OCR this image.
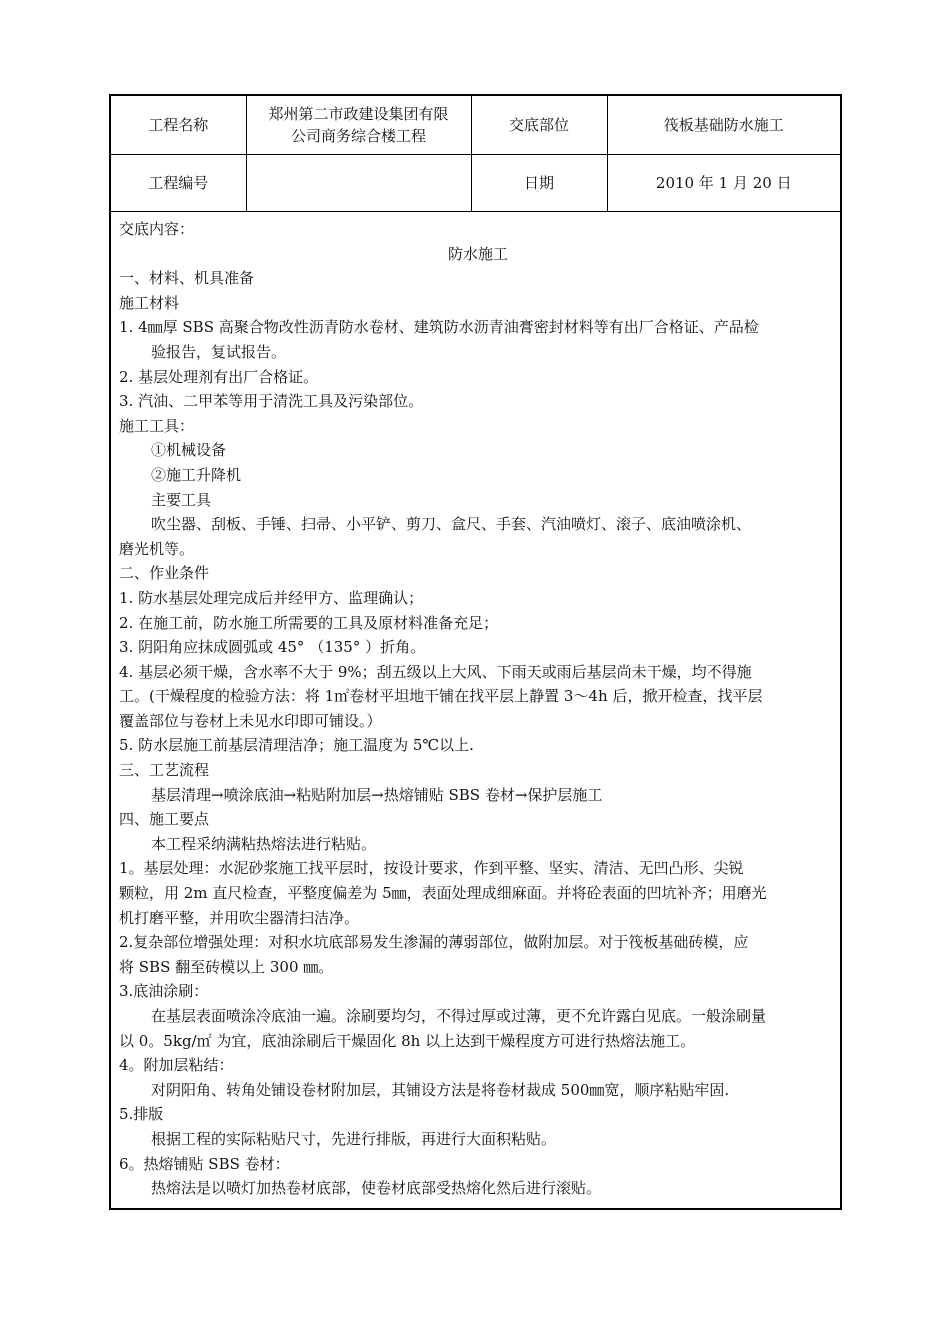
工程名称	郑州第二市政建设集团有限
公司商务综合楼工程	交底部位	筏板基础防水施工
工程编号		日期	2010 年 1 月 20 日

交底内容：

防水施工

一、材料、机具准备

施工材料

1. 4㎜厚 SBS 高聚合物改性沥青防水卷材、建筑防水沥青油膏密封材料等有出厂合格证、产品检

验报告，复试报告。

2. 基层处理剂有出厂合格证。

3. 汽油、二甲苯等用于清洗工具及污染部位。

施工工具：

①机械设备

②施工升降机

主要工具

吹尘器、刮板、手锤、扫帚、小平铲、剪刀、盒尺、手套、汽油喷灯、滚子、底油喷涂机、

磨光机等。

二、作业条件

1. 防水基层处理完成后并经甲方、监理确认；

2. 在施工前，防水施工所需要的工具及原材料准备充足；

3. 阴阳角应抹成圆弧或 45° （135° ）折角。

4. 基层必须干燥，含水率不大于 9%；刮五级以上大风、下雨天或雨后基层尚未干燥，均不得施

工。(干燥程度的检验方法：将 1㎡卷材平坦地干铺在找平层上静置 3～4h 后，掀开检查，找平层

覆盖部位与卷材上未见水印即可铺设。）

5. 防水层施工前基层清理洁净；施工温度为 5℃以上.

三、工艺流程

基层清理→喷涂底油→粘贴附加层→热熔铺贴 SBS 卷材→保护层施工

四、施工要点

本工程采纳满粘热熔法进行粘贴。

1。基层处理：水泥砂浆施工找平层时，按设计要求，作到平整、坚实、清洁、无凹凸形、尖锐

颗粒，用 2m 直尺检查，平整度偏差为 5㎜，表面处理成细麻面。并将砼表面的凹坑补齐；用磨光

机打磨平整，并用吹尘器清扫洁净。

2.复杂部位增强处理：对积水坑底部易发生渗漏的薄弱部位，做附加层。对于筏板基础砖模，应

将 SBS 翻至砖模以上 300 ㎜。

3.底油涂刷：

在基层表面喷涂冷底油一遍。涂刷要均匀，不得过厚或过薄，更不允许露白见底。一般涂刷量

以 0。5kg/㎡ 为宜，底油涂刷后干燥固化 8h 以上达到干燥程度方可进行热熔法施工。

4。附加层粘结：

对阴阳角、转角处铺设卷材附加层，其铺设方法是将卷材裁成 500㎜宽，顺序粘贴牢固.

5.排版

根据工程的实际粘贴尺寸，先进行排版，再进行大面积粘贴。

6。热熔铺贴 SBS 卷材：

热熔法是以喷灯加热卷材底部，使卷材底部受热熔化然后进行滚贴。
